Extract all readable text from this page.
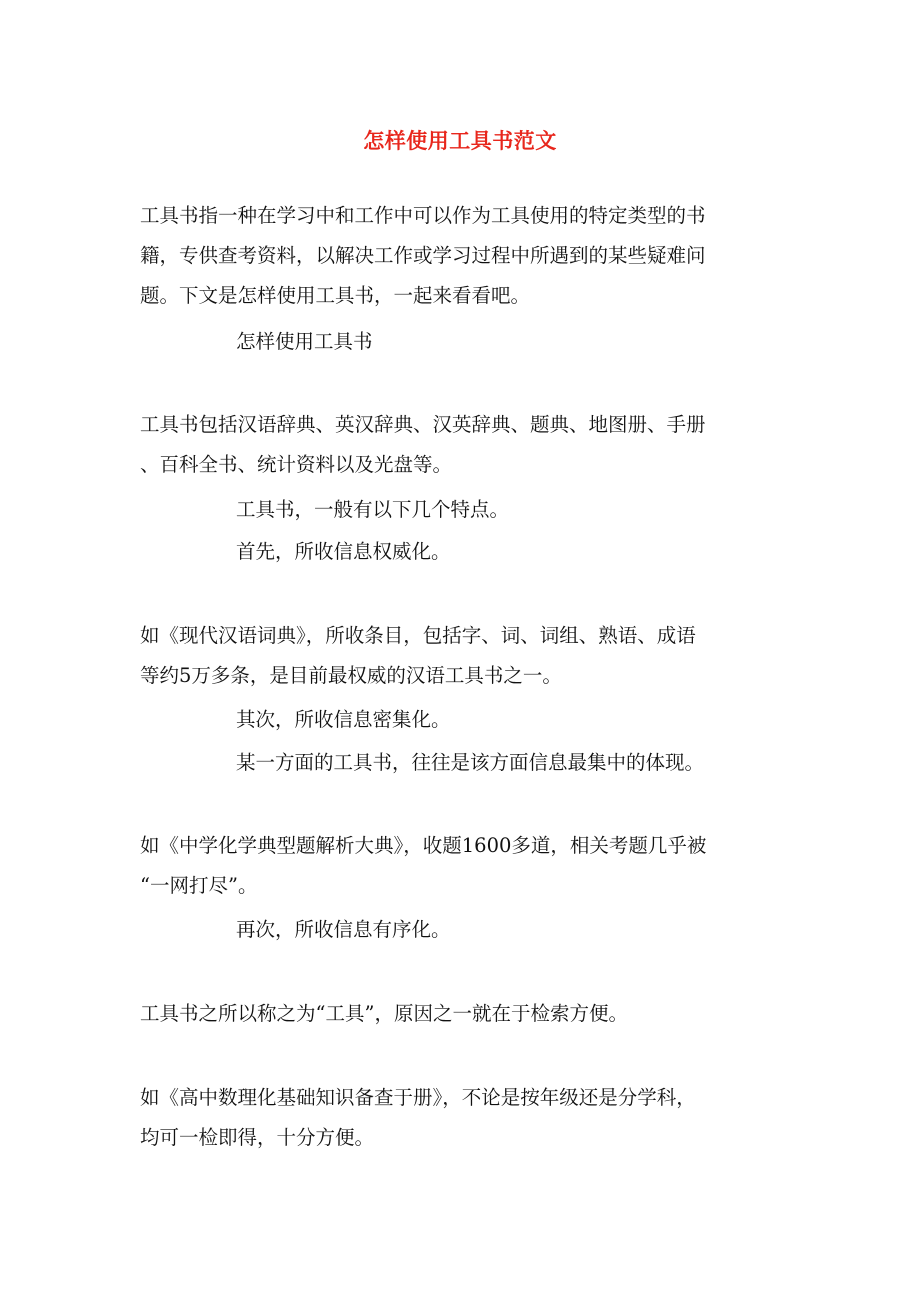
怎样使用工具书范文

工具书指一种在学习中和工作中可以作为工具使用的特定类型的书
籍，专供查考资料，以解决工作或学习过程中所遇到的某些疑难问
题。下文是怎样使用工具书，一起来看看吧。

怎样使用工具书

工具书包括汉语辞典、英汉辞典、汉英辞典、题典、地图册、手册
、百科全书、统计资料以及光盘等。

工具书，一般有以下几个特点。

首先，所收信息权威化。

如《现代汉语词典》，所收条目，包括字、词、词组、熟语、成语
等约5万多条，是目前最权威的汉语工具书之一。

其次，所收信息密集化。

某一方面的工具书，往往是该方面信息最集中的体现。

如《中学化学典型题解析大典》，收题1600多道，相关考题几乎被
“一网打尽”。

再次，所收信息有序化。

工具书之所以称之为“工具”，原因之一就在于检索方便。

如《高中数理化基础知识备查于册》，不论是按年级还是分学科，
均可一检即得，十分方便。
